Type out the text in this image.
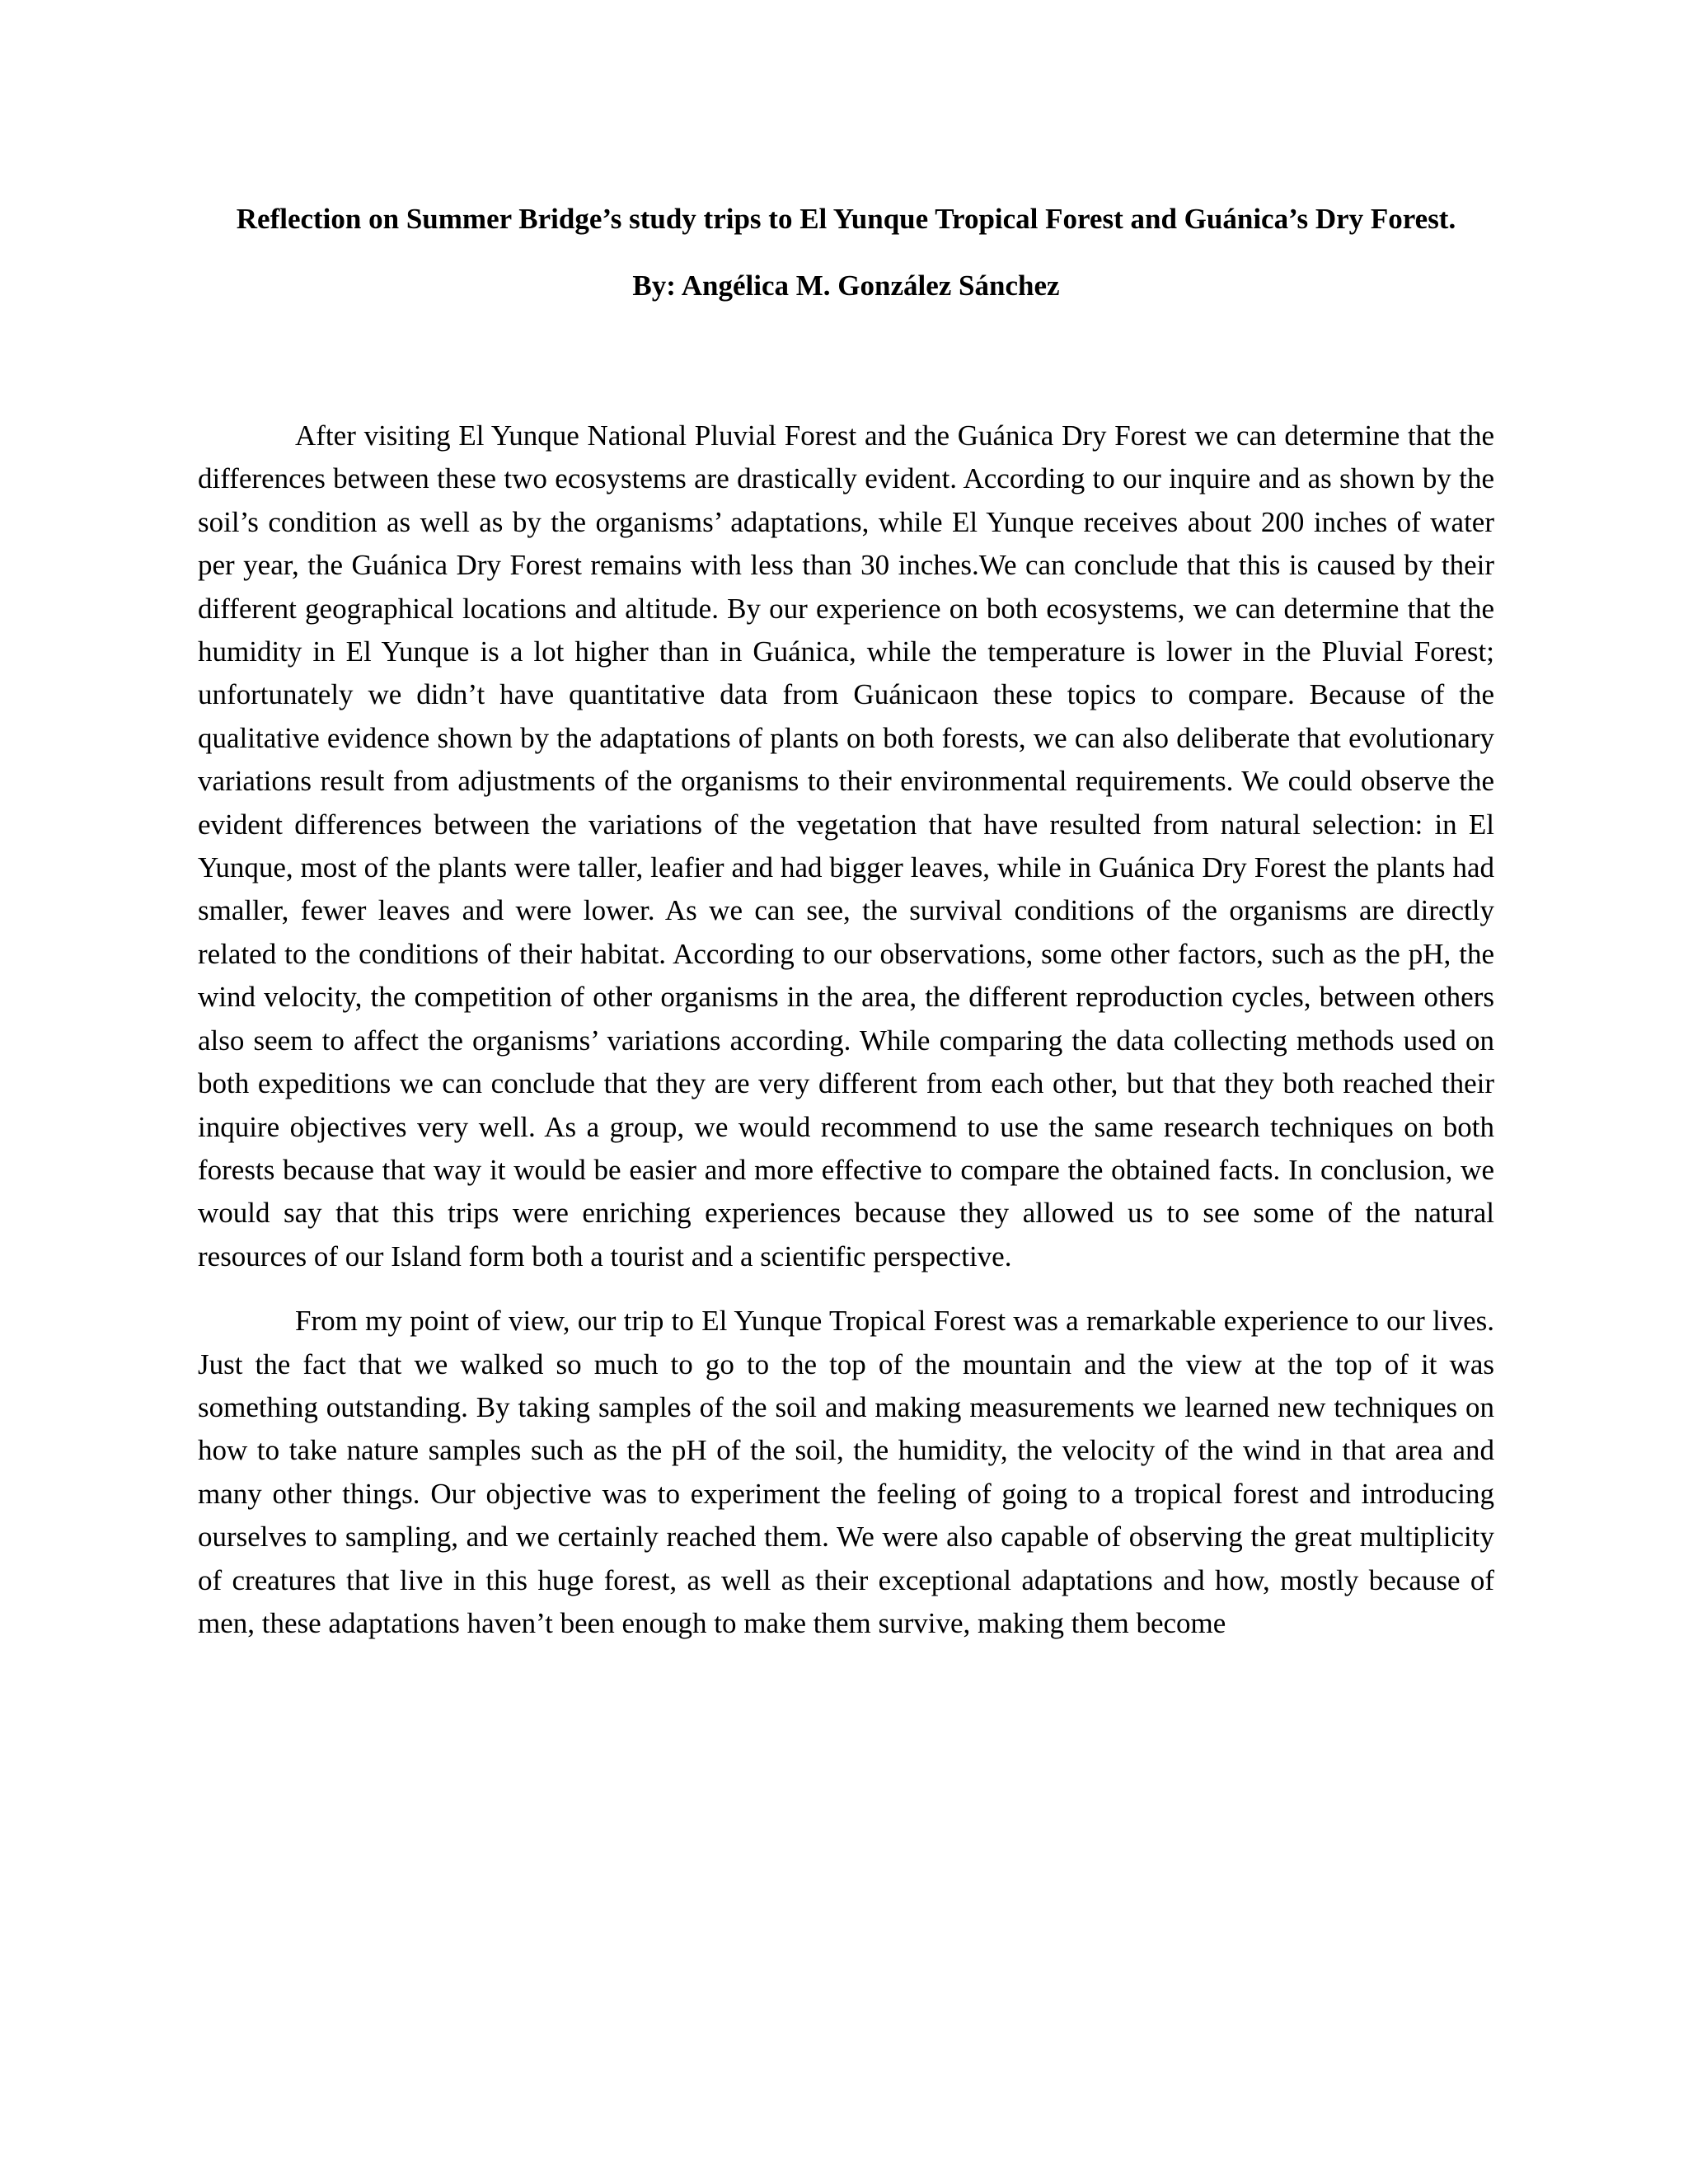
Reflection on Summer Bridge’s study trips to El Yunque Tropical Forest and Guánica’s Dry Forest.

By: Angélica M. González Sánchez

After visiting El Yunque National Pluvial Forest and the Guánica Dry Forest we can determine that the differences between these two ecosystems are drastically evident. According to our inquire and as shown by the soil’s condition as well as by the organisms’ adaptations, while El Yunque receives about 200 inches of water per year, the Guánica Dry Forest remains with less than 30 inches.We can conclude that this is caused by their different geographical locations and altitude. By our experience on both ecosystems, we can determine that the humidity in El Yunque is a lot higher than in Guánica, while the temperature is lower in the Pluvial Forest; unfortunately we didn’t have quantitative data from Guánicaon these topics to compare. Because of the qualitative evidence shown by the adaptations of plants on both forests, we can also deliberate that evolutionary variations result from adjustments of the organisms to their environmental requirements. We could observe the evident differences between the variations of the vegetation that have resulted from natural selection: in El Yunque, most of the plants were taller, leafier and had bigger leaves, while in Guánica Dry Forest the plants had smaller, fewer leaves and were lower. As we can see, the survival conditions of the organisms are directly related to the conditions of their habitat. According to our observations, some other factors, such as the pH, the wind velocity, the competition of other organisms in the area, the different reproduction cycles, between others also seem to affect the organisms’ variations according. While comparing the data collecting methods used on both expeditions we can conclude that they are very different from each other, but that they both reached their inquire objectives very well. As a group, we would recommend to use the same research techniques on both forests because that way it would be easier and more effective to compare the obtained facts. In conclusion, we would say that this trips were enriching experiences because they allowed us to see some of the natural resources of our Island form both a tourist and a scientific perspective.

From my point of view, our trip to El Yunque Tropical Forest was a remarkable experience to our lives. Just the fact that we walked so much to go to the top of the mountain and the view at the top of it was something outstanding. By taking samples of the soil and making measurements we learned new techniques on how to take nature samples such as the pH of the soil, the humidity, the velocity of the wind in that area and many other things. Our objective was to experiment the feeling of going to a tropical forest and introducing ourselves to sampling, and we certainly reached them. We were also capable of observing the great multiplicity of creatures that live in this huge forest, as well as their exceptional adaptations and how, mostly because of men, these adaptations haven’t been enough to make them survive, making them become
